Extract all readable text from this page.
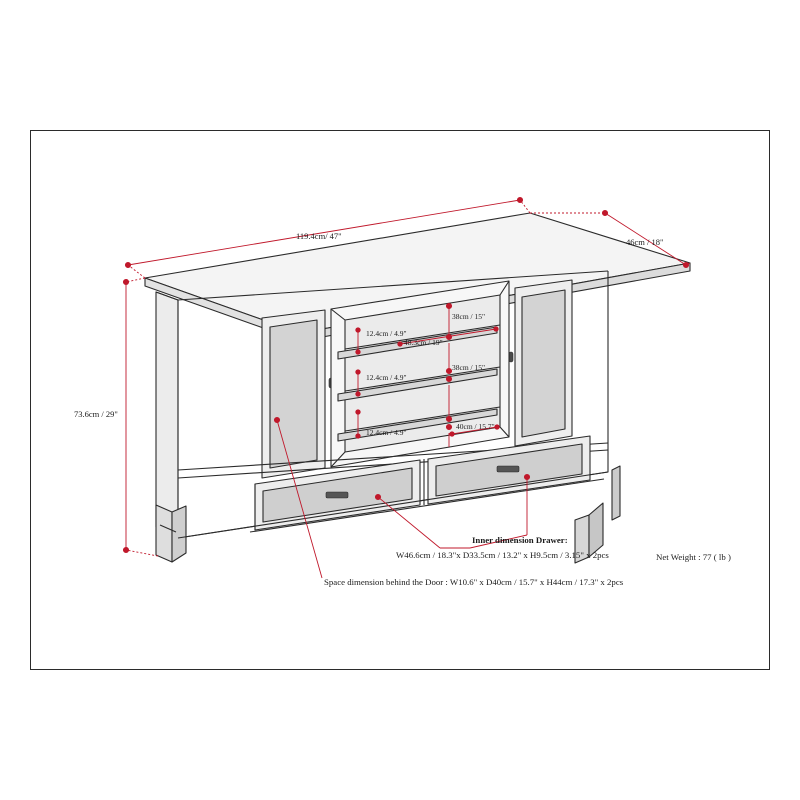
119.4cm/ 47"
46cm / 18"
73.6cm / 29"
38cm / 15"
12.4cm / 4.9"
48.3cm / 19"
38cm / 15"
12.4cm / 4.9"
40cm / 15.7"
12.4cm / 4.9"
Inner dimension Drawer:
W46.6cm / 18.3"x D33.5cm / 13.2" x H9.5cm / 3.15" x 2pcs
Space dimension behind the Door : W10.6" x D40cm / 15.7" x H44cm / 17.3" x 2pcs
Net Weight : 77 ( lb )
